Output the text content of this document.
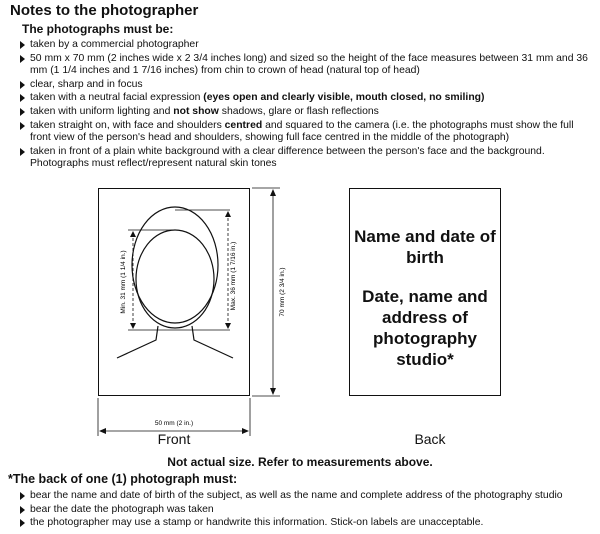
Notes to the photographer
The photographs must be:
taken by a commercial photographer
50 mm x 70 mm (2 inches wide x 2 3/4 inches long) and sized so the height of the face measures between 31 mm and 36 mm (1 1/4 inches and 1 7/16 inches) from chin to crown of head (natural top of head)
clear, sharp and in focus
taken with a neutral facial expression (eyes open and clearly visible, mouth closed, no smiling)
taken with uniform lighting and not show shadows, glare or flash reflections
taken straight on, with face and shoulders centred and squared to the camera (i.e. the photographs must show the full front view of the person's head and shoulders, showing full face centred in the middle of the photograph)
taken in front of a plain white background with a clear difference between the person's face and the background. Photographs must reflect/represent natural skin tones
Min. 31 mm (1 1/4 in.)	Max. 36 mm (1 7/16 in.)	70 mm (2 3/4 in.)
50 mm (2 in.)
Name and date of birth
Date, name and address of photography studio*
Front	Back
Not actual size. Refer to measurements above.
*The back of one (1) photograph must:
bear the name and date of birth of the subject, as well as the name and complete address of the photography studio
bear the date the photograph was taken
the photographer may use a stamp or handwrite this information. Stick-on labels are unacceptable.
